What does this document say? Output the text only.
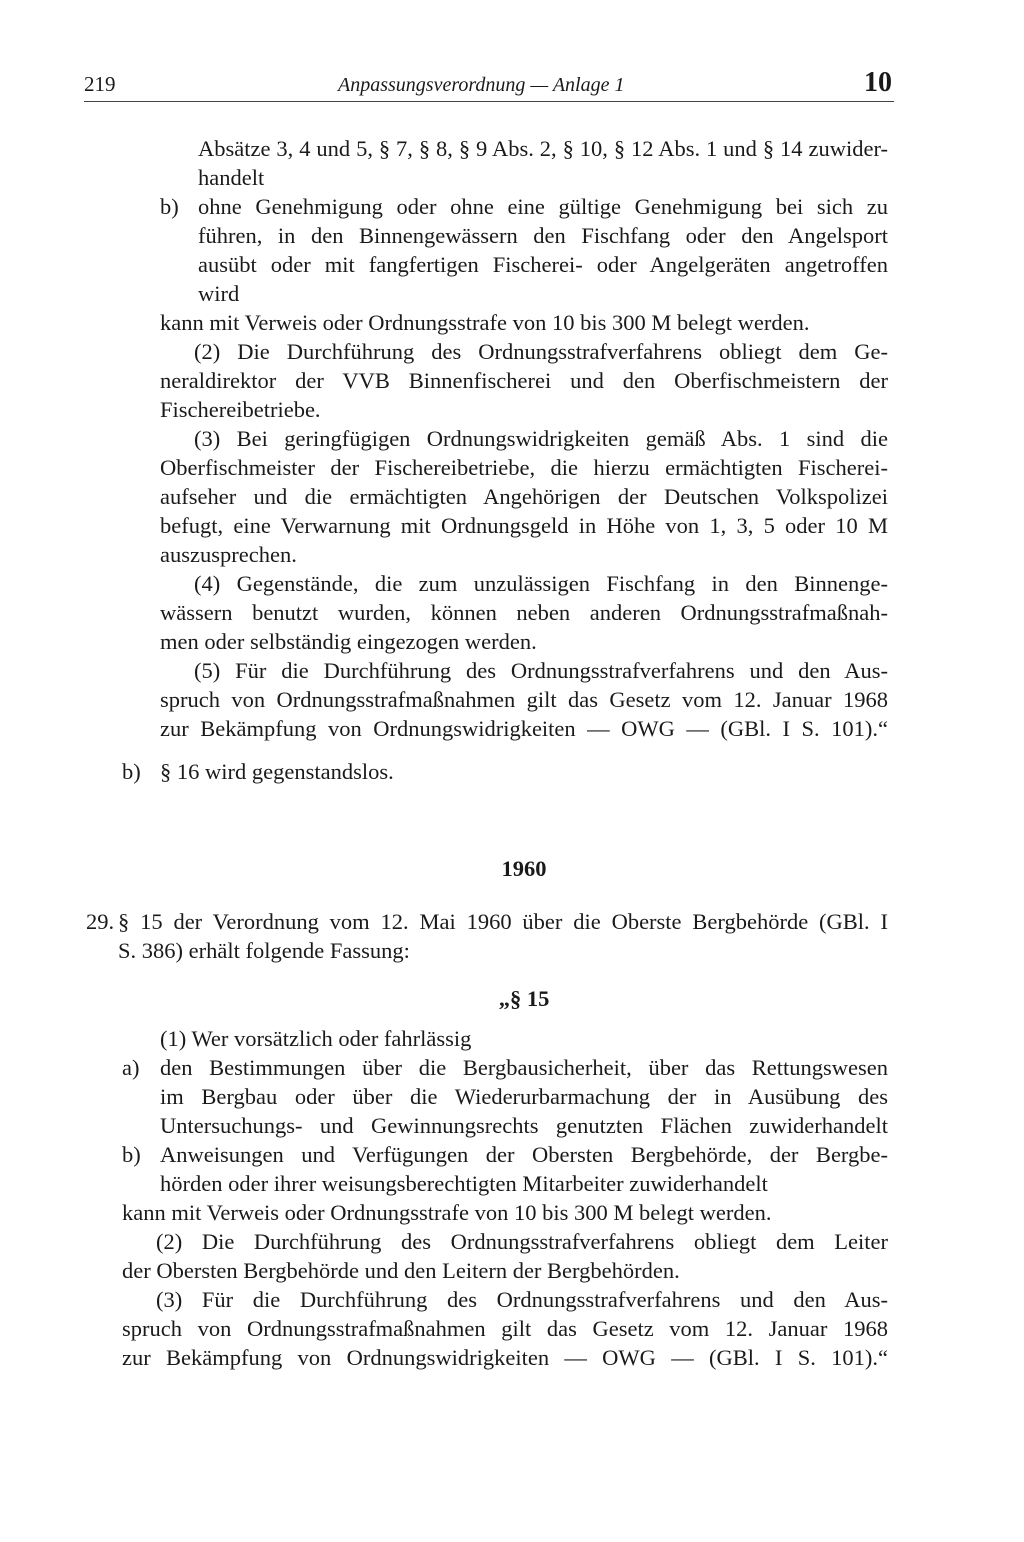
219	Anpassungsverordnung — Anlage 1	10
Absätze 3, 4 und 5, § 7, § 8, § 9 Abs. 2, § 10, § 12 Abs. 1 und § 14 zuwider-
handelt
b) ohne Genehmigung oder ohne eine gültige Genehmigung bei sich zu
führen, in den Binnengewässern den Fischfang oder den Angelsport
ausübt oder mit fangfertigen Fischerei- oder Angelgeräten angetroffen
wird
kann mit Verweis oder Ordnungsstrafe von 10 bis 300 M belegt werden.
(2) Die Durchführung des Ordnungsstrafverfahrens obliegt dem Ge-
neraldirektor der VVB Binnenfischerei und den Oberfischmeistern der
Fischereibetriebe.
(3) Bei geringfügigen Ordnungswidrigkeiten gemäß Abs. 1 sind die
Oberfischmeister der Fischereibetriebe, die hierzu ermächtigten Fischerei-
aufseher und die ermächtigten Angehörigen der Deutschen Volkspolizei
befugt, eine Verwarnung mit Ordnungsgeld in Höhe von 1, 3, 5 oder 10 M
auszusprechen.
(4) Gegenstände, die zum unzulässigen Fischfang in den Binnenge-
wässern benutzt wurden, können neben anderen Ordnungsstrafmaßnah-
men oder selbständig eingezogen werden.
(5) Für die Durchführung des Ordnungsstrafverfahrens und den Aus-
spruch von Ordnungsstrafmaßnahmen gilt das Gesetz vom 12. Januar 1968
zur Bekämpfung von Ordnungswidrigkeiten — OWG — (GBl. I S. 101).“
b) § 16 wird gegenstandslos.
1960
29. § 15 der Verordnung vom 12. Mai 1960 über die Oberste Bergbehörde (GBl. I
S. 386) erhält folgende Fassung:
„§ 15
(1) Wer vorsätzlich oder fahrlässig
a) den Bestimmungen über die Bergbausicherheit, über das Rettungswesen
im Bergbau oder über die Wiederurbarmachung der in Ausübung des
Untersuchungs- und Gewinnungsrechts genutzten Flächen zuwiderhandelt
b) Anweisungen und Verfügungen der Obersten Bergbehörde, der Bergbe-
hörden oder ihrer weisungsberechtigten Mitarbeiter zuwiderhandelt
kann mit Verweis oder Ordnungsstrafe von 10 bis 300 M belegt werden.
(2) Die Durchführung des Ordnungsstrafverfahrens obliegt dem Leiter
der Obersten Bergbehörde und den Leitern der Bergbehörden.
(3) Für die Durchführung des Ordnungsstrafverfahrens und den Aus-
spruch von Ordnungsstrafmaßnahmen gilt das Gesetz vom 12. Januar 1968
zur Bekämpfung von Ordnungswidrigkeiten — OWG — (GBl. I S. 101).“
